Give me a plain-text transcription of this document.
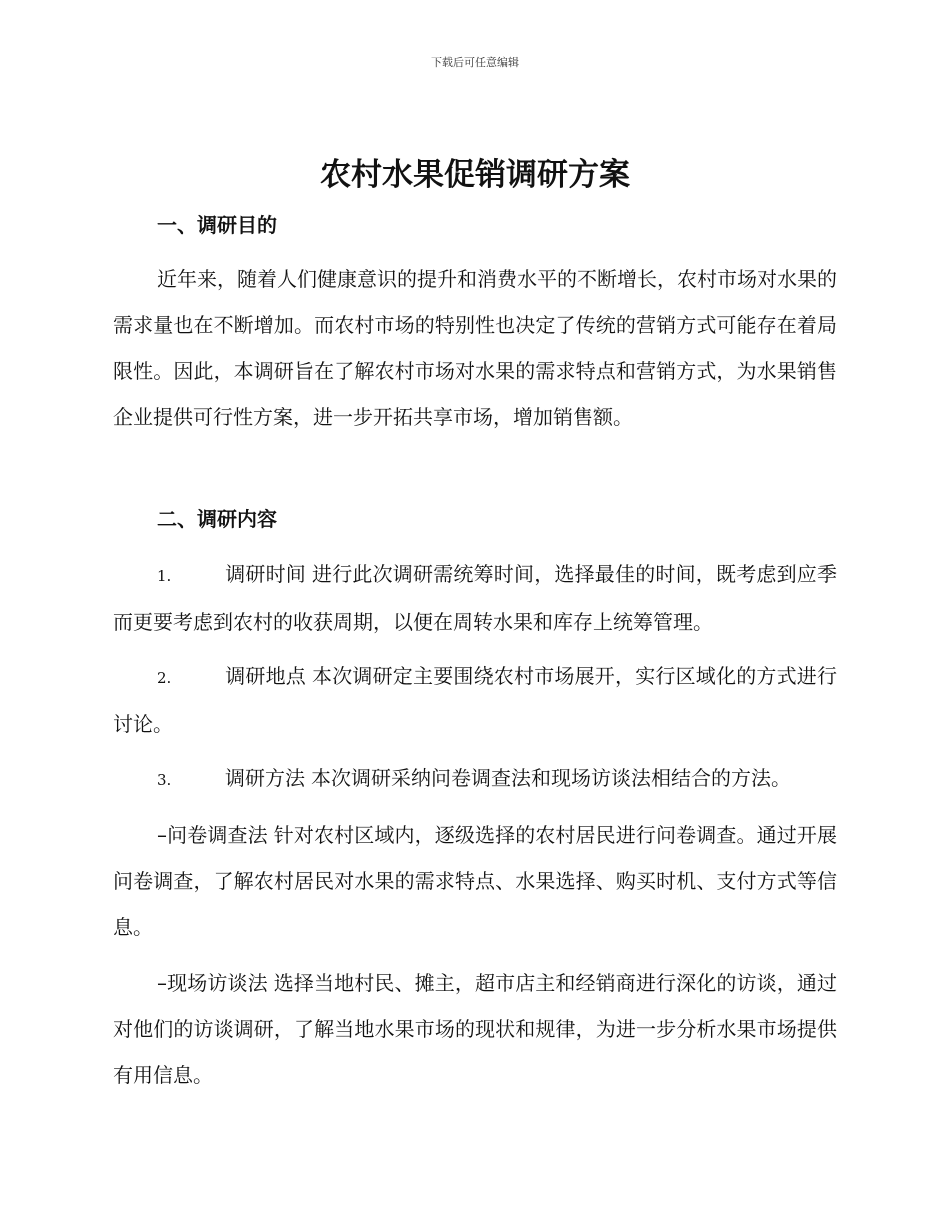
下载后可任意编辑
农村水果促销调研方案
一、调研目的

近年来，随着人们健康意识的提升和消费水平的不断增长，农村市场对水果的需求量也在不断增加。而农村市场的特别性也决定了传统的营销方式可能存在着局限性。因此，本调研旨在了解农村市场对水果的需求特点和营销方式，为水果销售企业提供可行性方案，进一步开拓共享市场，增加销售额。

二、调研内容

1.	调研时间 进行此次调研需统筹时间，选择最佳的时间，既考虑到应季而更要考虑到农村的收获周期，以便在周转水果和库存上统筹管理。

2.	调研地点 本次调研定主要围绕农村市场展开，实行区域化的方式进行讨论。

3.	调研方法 本次调研采纳问卷调查法和现场访谈法相结合的方法。

–问卷调查法 针对农村区域内，逐级选择的农村居民进行问卷调查。通过开展问卷调查，了解农村居民对水果的需求特点、水果选择、购买时机、支付方式等信息。

–现场访谈法 选择当地村民、摊主，超市店主和经销商进行深化的访谈，通过对他们的访谈调研，了解当地水果市场的现状和规律，为进一步分析水果市场提供有用信息。
